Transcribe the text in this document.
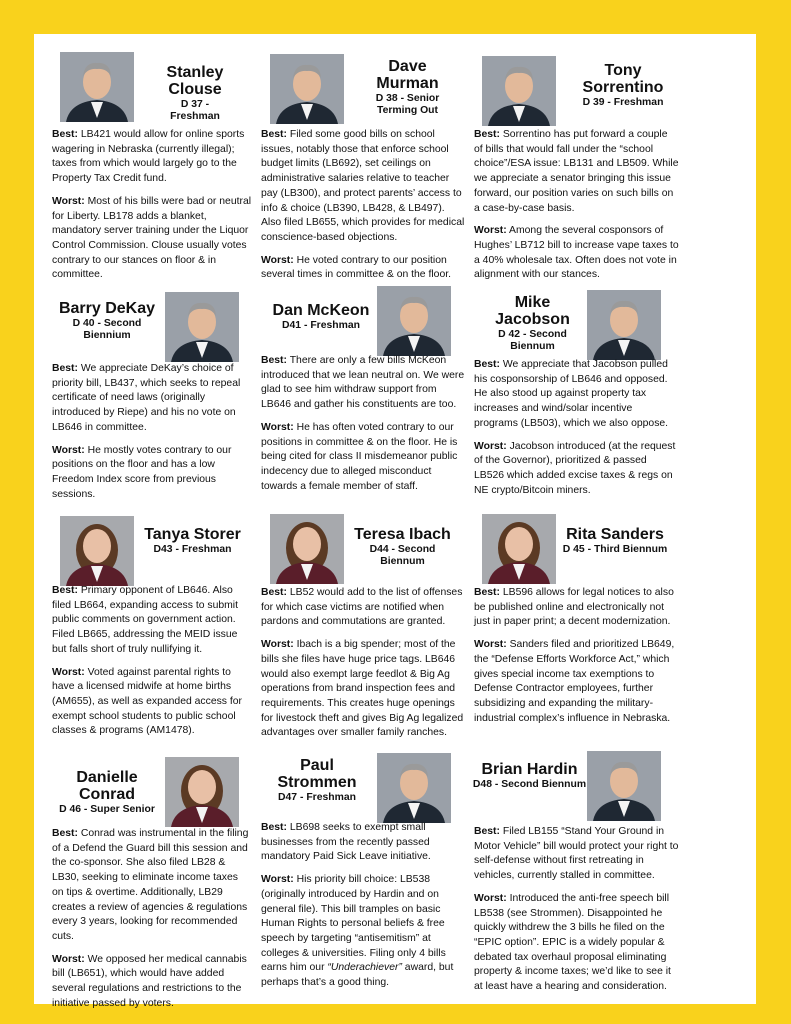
Stanley
Clouse
D 37 - Freshman

Best: LB421 would allow for online sports wagering in Nebraska (currently illegal); taxes from which would largely go to the Property Tax Credit fund.

Worst: Most of his bills were bad or neutral for Liberty. LB178 adds a blanket, mandatory server training under the Liquor Control Commission. Clouse usually votes contrary to our stances on floor & in committee.

Dave
Murman
D 38 - Senior Terming Out

Best: Filed some good bills on school issues, notably those that enforce school budget limits (LB692), set ceilings on administrative salaries relative to teacher pay (LB300), and protect parents’ access to info & choice (LB390, LB428, & LB497). Also filed LB655, which provides for medical conscience-based objections.

Worst: He voted contrary to our position several times in committee & on the floor.

Tony
Sorrentino
D 39 - Freshman

Best: Sorrentino has put forward a couple of bills that would fall under the “school choice”/ESA issue: LB131 and LB509. While we appreciate a senator bringing this issue forward, our position varies on such bills on a case-by-case basis.

Worst: Among the several cosponsors of Hughes’ LB712 bill to increase vape taxes to a 40% wholesale tax. Often does not vote in alignment with our stances.

Barry DeKay
D 40 - Second Biennium

Best: We appreciate DeKay’s choice of priority bill, LB437, which seeks to repeal certificate of need laws (originally introduced by Riepe) and his no vote on LB646 in committee.

Worst: He mostly votes contrary to our positions on the floor and has a low Freedom Index score from previous sessions.

Dan McKeon
D41 - Freshman

Best: There are only a few bills McKeon introduced that we lean neutral on. We were glad to see him withdraw support from LB646 and gather his constituents are too.

Worst: He has often voted contrary to our positions in committee & on the floor. He is being cited for class II misdemeanor public indecency due to alleged misconduct towards a female member of staff.

Mike
Jacobson
D 42 - Second Biennum

Best: We appreciate that Jacobson pulled his cosponsorship of LB646 and opposed. He also stood up against property tax increases and wind/solar incentive programs (LB503), which we also oppose.

Worst: Jacobson introduced (at the request of the Governor), prioritized & passed LB526 which added excise taxes & regs on NE crypto/Bitcoin miners.

Tanya Storer
D43 - Freshman

Best: Primary opponent of LB646. Also filed LB664, expanding access to submit public comments on government action. Filed LB665, addressing the MEID issue but falls short of truly nullifying it.

Worst: Voted against parental rights to have a licensed midwife at home births (AM655), as well as expanded access for exempt school students to public school classes & programs (AM1478).

Teresa Ibach
D44 - Second Biennum

Best: LB52 would add to the list of offenses for which case victims are notified when pardons and commutations are granted.

Worst: Ibach is a big spender; most of the bills she files have huge price tags. LB646 would also exempt large feedlot & Big Ag operations from brand inspection fees and requirements. This creates huge openings for livestock theft and gives Big Ag legalized advantages over smaller family ranches.

Rita Sanders
D 45 - Third Biennum

Best: LB596 allows for legal notices to also be published online and electronically not just in paper print; a decent modernization.

Worst: Sanders filed and prioritized LB649, the “Defense Efforts Workforce Act,” which gives special income tax exemptions to Defense Contractor employees, further subsidizing and expanding the military-industrial complex’s influence in Nebraska.

Danielle
Conrad
D 46 - Super Senior

Best: Conrad was instrumental in the filing of a Defend the Guard bill this session and the co-sponsor. She also filed LB28 & LB30, seeking to eliminate income taxes on tips & overtime. Additionally, LB29 creates a review of agencies & regulations every 3 years, looking for recommended cuts.

Worst: We opposed her medical cannabis bill (LB651), which would have added several regulations and restrictions to the initiative passed by voters.

Paul
Strommen
D47 - Freshman

Best: LB698 seeks to exempt small businesses from the recently passed mandatory Paid Sick Leave initiative.

Worst: His priority bill choice: LB538 (originally introduced by Hardin and on general file). This bill tramples on basic Human Rights to personal beliefs & free speech by targeting “antisemitism” at colleges & universities. Filing only 4 bills earns him our “Underachiever” award, but perhaps that’s a good thing.

Brian Hardin
D48 - Second Biennum

Best: Filed LB155 “Stand Your Ground in Motor Vehicle” bill would protect your right to self-defense without first retreating in vehicles, currently stalled in committee.

Worst: Introduced the anti-free speech bill LB538 (see Strommen). Disappointed he quickly withdrew the 3 bills he filed on the “EPIC option”. EPIC is a widely popular & debated tax overhaul proposal eliminating property & income taxes; we’d like to see it at least have a hearing and consideration.
